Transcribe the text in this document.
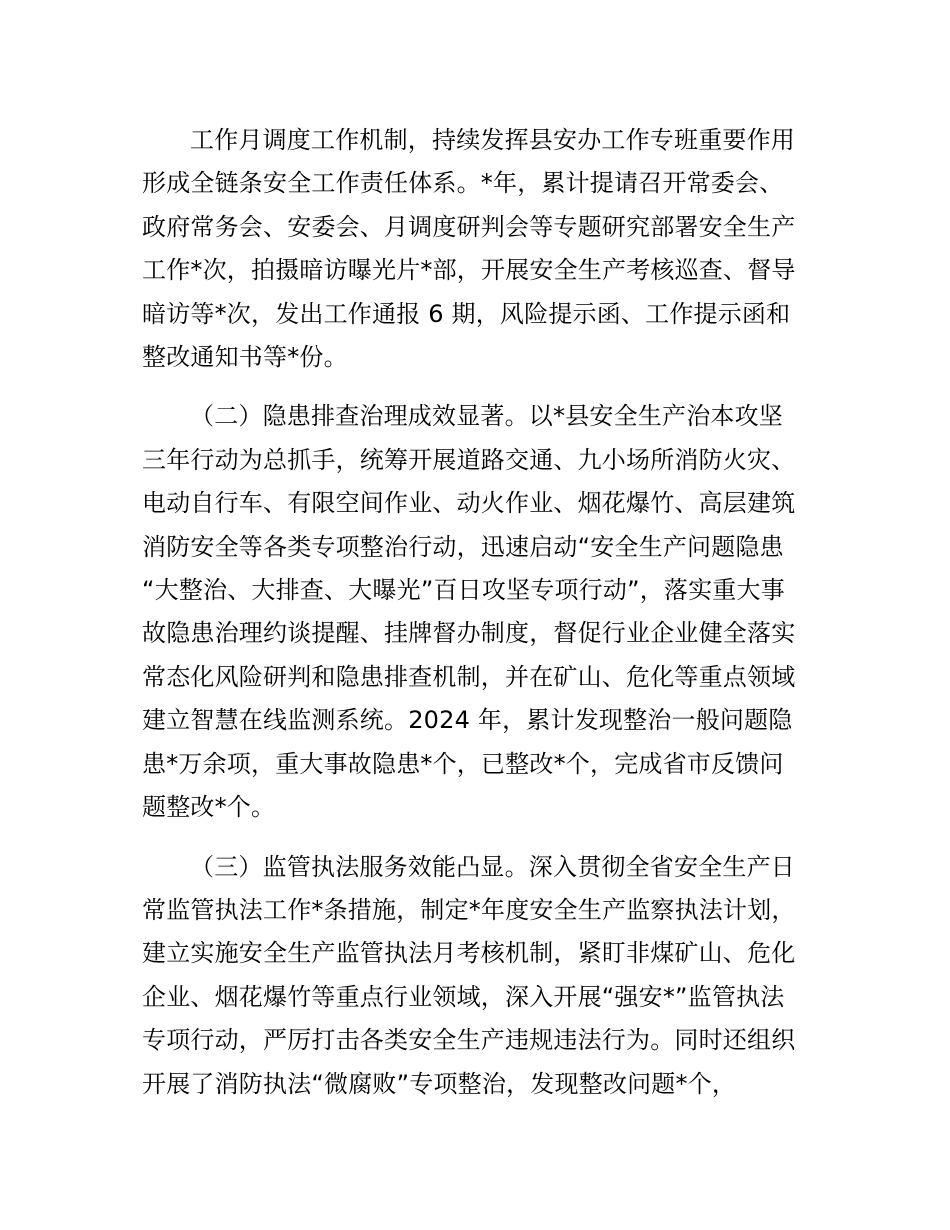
工作月调度工作机制，持续发挥县安办工作专班重要作用
形成全链条安全工作责任体系。*年，累计提请召开常委会、
政府常务会、安委会、月调度研判会等专题研究部署安全生产
工作*次，拍摄暗访曝光片*部，开展安全生产考核巡查、督导
暗访等*次，发出工作通报 6 期，风险提示函、工作提示函和
整改通知书等*份。

（二）隐患排查治理成效显著。以*县安全生产治本攻坚
三年行动为总抓手，统筹开展道路交通、九小场所消防火灾、
电动自行车、有限空间作业、动火作业、烟花爆竹、高层建筑
消防安全等各类专项整治行动，迅速启动“安全生产问题隐患
“大整治、大排查、大曝光”百日攻坚专项行动”，落实重大事
故隐患治理约谈提醒、挂牌督办制度，督促行业企业健全落实
常态化风险研判和隐患排查机制，并在矿山、危化等重点领域
建立智慧在线监测系统。2024 年，累计发现整治一般问题隐
患*万余项，重大事故隐患*个，已整改*个，完成省市反馈问
题整改*个。

（三）监管执法服务效能凸显。深入贯彻全省安全生产日
常监管执法工作*条措施，制定*年度安全生产监察执法计划，
建立实施安全生产监管执法月考核机制，紧盯非煤矿山、危化
企业、烟花爆竹等重点行业领域，深入开展“强安*”监管执法
专项行动，严厉打击各类安全生产违规违法行为。同时还组织
开展了消防执法“微腐败”专项整治，发现整改问题*个，
